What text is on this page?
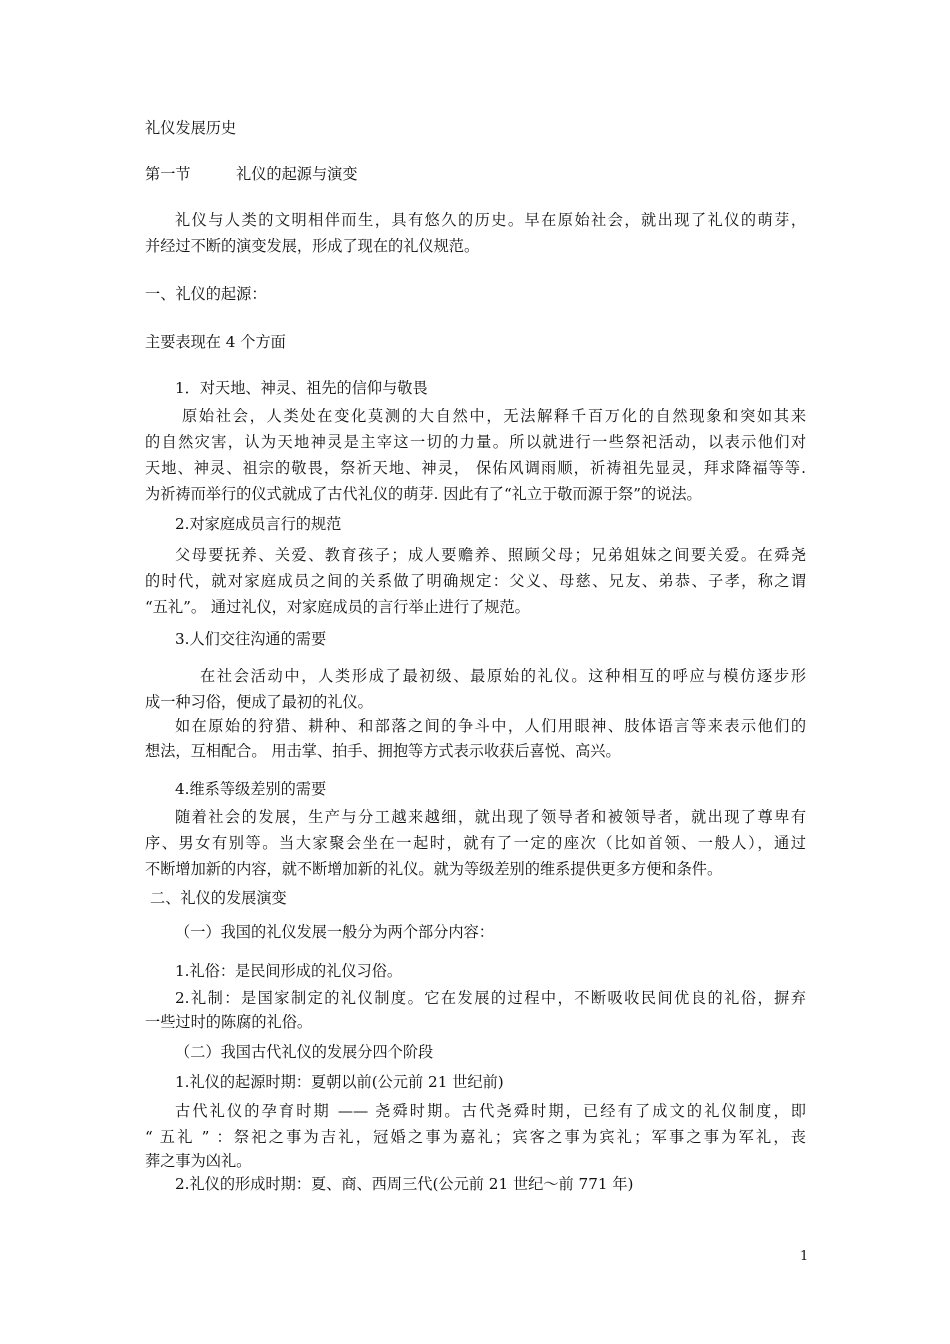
礼仪发展历史
第一节	礼仪的起源与演变
礼仪与人类的文明相伴而生，具有悠久的历史。早在原始社会，就出现了礼仪的萌芽，
并经过不断的演变发展，形成了现在的礼仪规范。
一、礼仪的起源：
主要表现在 4 个方面
1．对天地、神灵、祖先的信仰与敬畏
原始社会，人类处在变化莫测的大自然中，无法解释千百万化的自然现象和突如其来
的自然灾害，认为天地神灵是主宰这一切的力量。所以就进行一些祭祀活动，以表示他们对
天地、神灵、祖宗的敬畏，祭祈天地、神灵， 保佑风调雨顺，祈祷祖先显灵，拜求降福等等.
为祈祷而举行的仪式就成了古代礼仪的萌芽. 因此有了“礼立于敬而源于祭”的说法。
2.对家庭成员言行的规范
父母要抚养、关爱、教育孩子；成人要赡养、照顾父母；兄弟姐妹之间要关爱。在舜尧
的时代，就对家庭成员之间的关系做了明确规定：父义、母慈、兄友、弟恭、子孝，称之谓
“五礼”。 通过礼仪，对家庭成员的言行举止进行了规范。
3.人们交往沟通的需要
在社会活动中，人类形成了最初级、最原始的礼仪。这种相互的呼应与模仿逐步形
成一种习俗，便成了最初的礼仪。
如在原始的狩猎、耕种、和部落之间的争斗中，人们用眼神、肢体语言等来表示他们的
想法，互相配合。 用击掌、拍手、拥抱等方式表示收获后喜悦、高兴。
4.维系等级差别的需要
随着社会的发展，生产与分工越来越细，就出现了领导者和被领导者，就出现了尊卑有
序、男女有别等。当大家聚会坐在一起时，就有了一定的座次（比如首领、一般人），通过
不断增加新的内容，就不断增加新的礼仪。就为等级差别的维系提供更多方便和条件。
二、礼仪的发展演变
（一）我国的礼仪发展一般分为两个部分内容：
1.礼俗：是民间形成的礼仪习俗。
2.礼制：是国家制定的礼仪制度。它在发展的过程中，不断吸收民间优良的礼俗，摒弃
一些过时的陈腐的礼俗。
（二）我国古代礼仪的发展分四个阶段
1.礼仪的起源时期：夏朝以前(公元前 21 世纪前)
古代礼仪的孕育时期 —— 尧舜时期。古代尧舜时期，已经有了成文的礼仪制度，即
“ 五礼 ” ：祭祀之事为吉礼，冠婚之事为嘉礼；宾客之事为宾礼；军事之事为军礼，丧
葬之事为凶礼。
2.礼仪的形成时期：夏、商、西周三代(公元前 21 世纪～前 771 年)
1
